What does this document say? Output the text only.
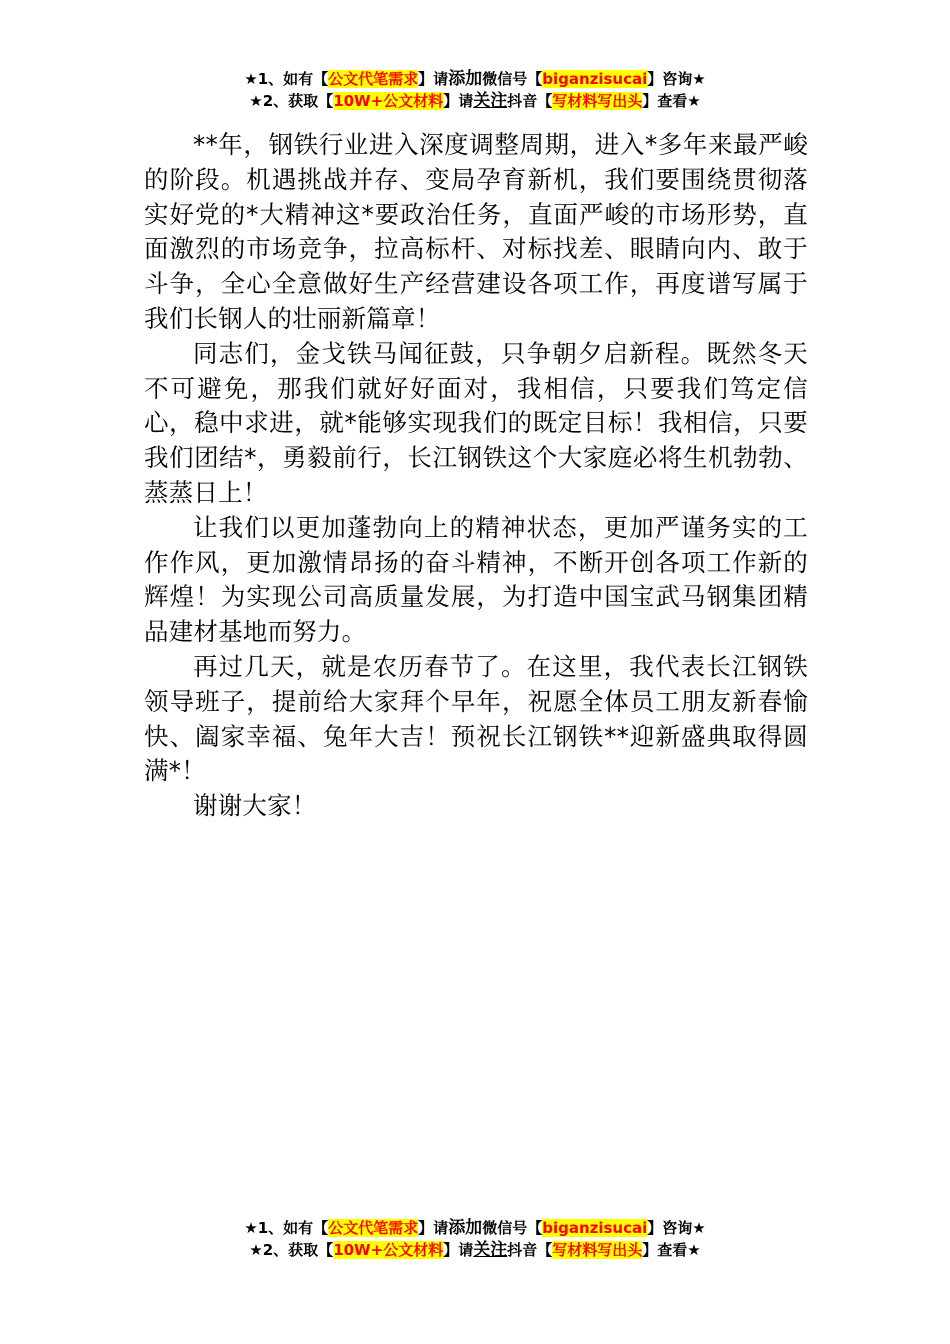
★1、如有【公文代笔需求】请添加微信号【biganzisucai】咨询★
★2、获取【10W+公文材料】请关注抖音【写材料写出头】查看★

**年，钢铁行业进入深度调整周期，进入*多年来最严峻的阶段。机遇挑战并存、变局孕育新机，我们要围绕贯彻落实好党的*大精神这*要政治任务，直面严峻的市场形势，直面激烈的市场竞争，拉高标杆、对标找差、眼睛向内、敢于斗争，全心全意做好生产经营建设各项工作，再度谱写属于我们长钢人的壮丽新篇章！

同志们，金戈铁马闻征鼓，只争朝夕启新程。既然冬天不可避免，那我们就好好面对，我相信，只要我们笃定信心，稳中求进，就*能够实现我们的既定目标！我相信，只要我们团结*，勇毅前行，长江钢铁这个大家庭必将生机勃勃、蒸蒸日上！

让我们以更加蓬勃向上的精神状态，更加严谨务实的工作作风，更加激情昂扬的奋斗精神，不断开创各项工作新的辉煌！为实现公司高质量发展，为打造中国宝武马钢集团精品建材基地而努力。

再过几天，就是农历春节了。在这里，我代表长江钢铁领导班子，提前给大家拜个早年，祝愿全体员工朋友新春愉快、阖家幸福、兔年大吉！预祝长江钢铁**迎新盛典取得圆满*！

谢谢大家！

★1、如有【公文代笔需求】请添加微信号【biganzisucai】咨询★
★2、获取【10W+公文材料】请关注抖音【写材料写出头】查看★
